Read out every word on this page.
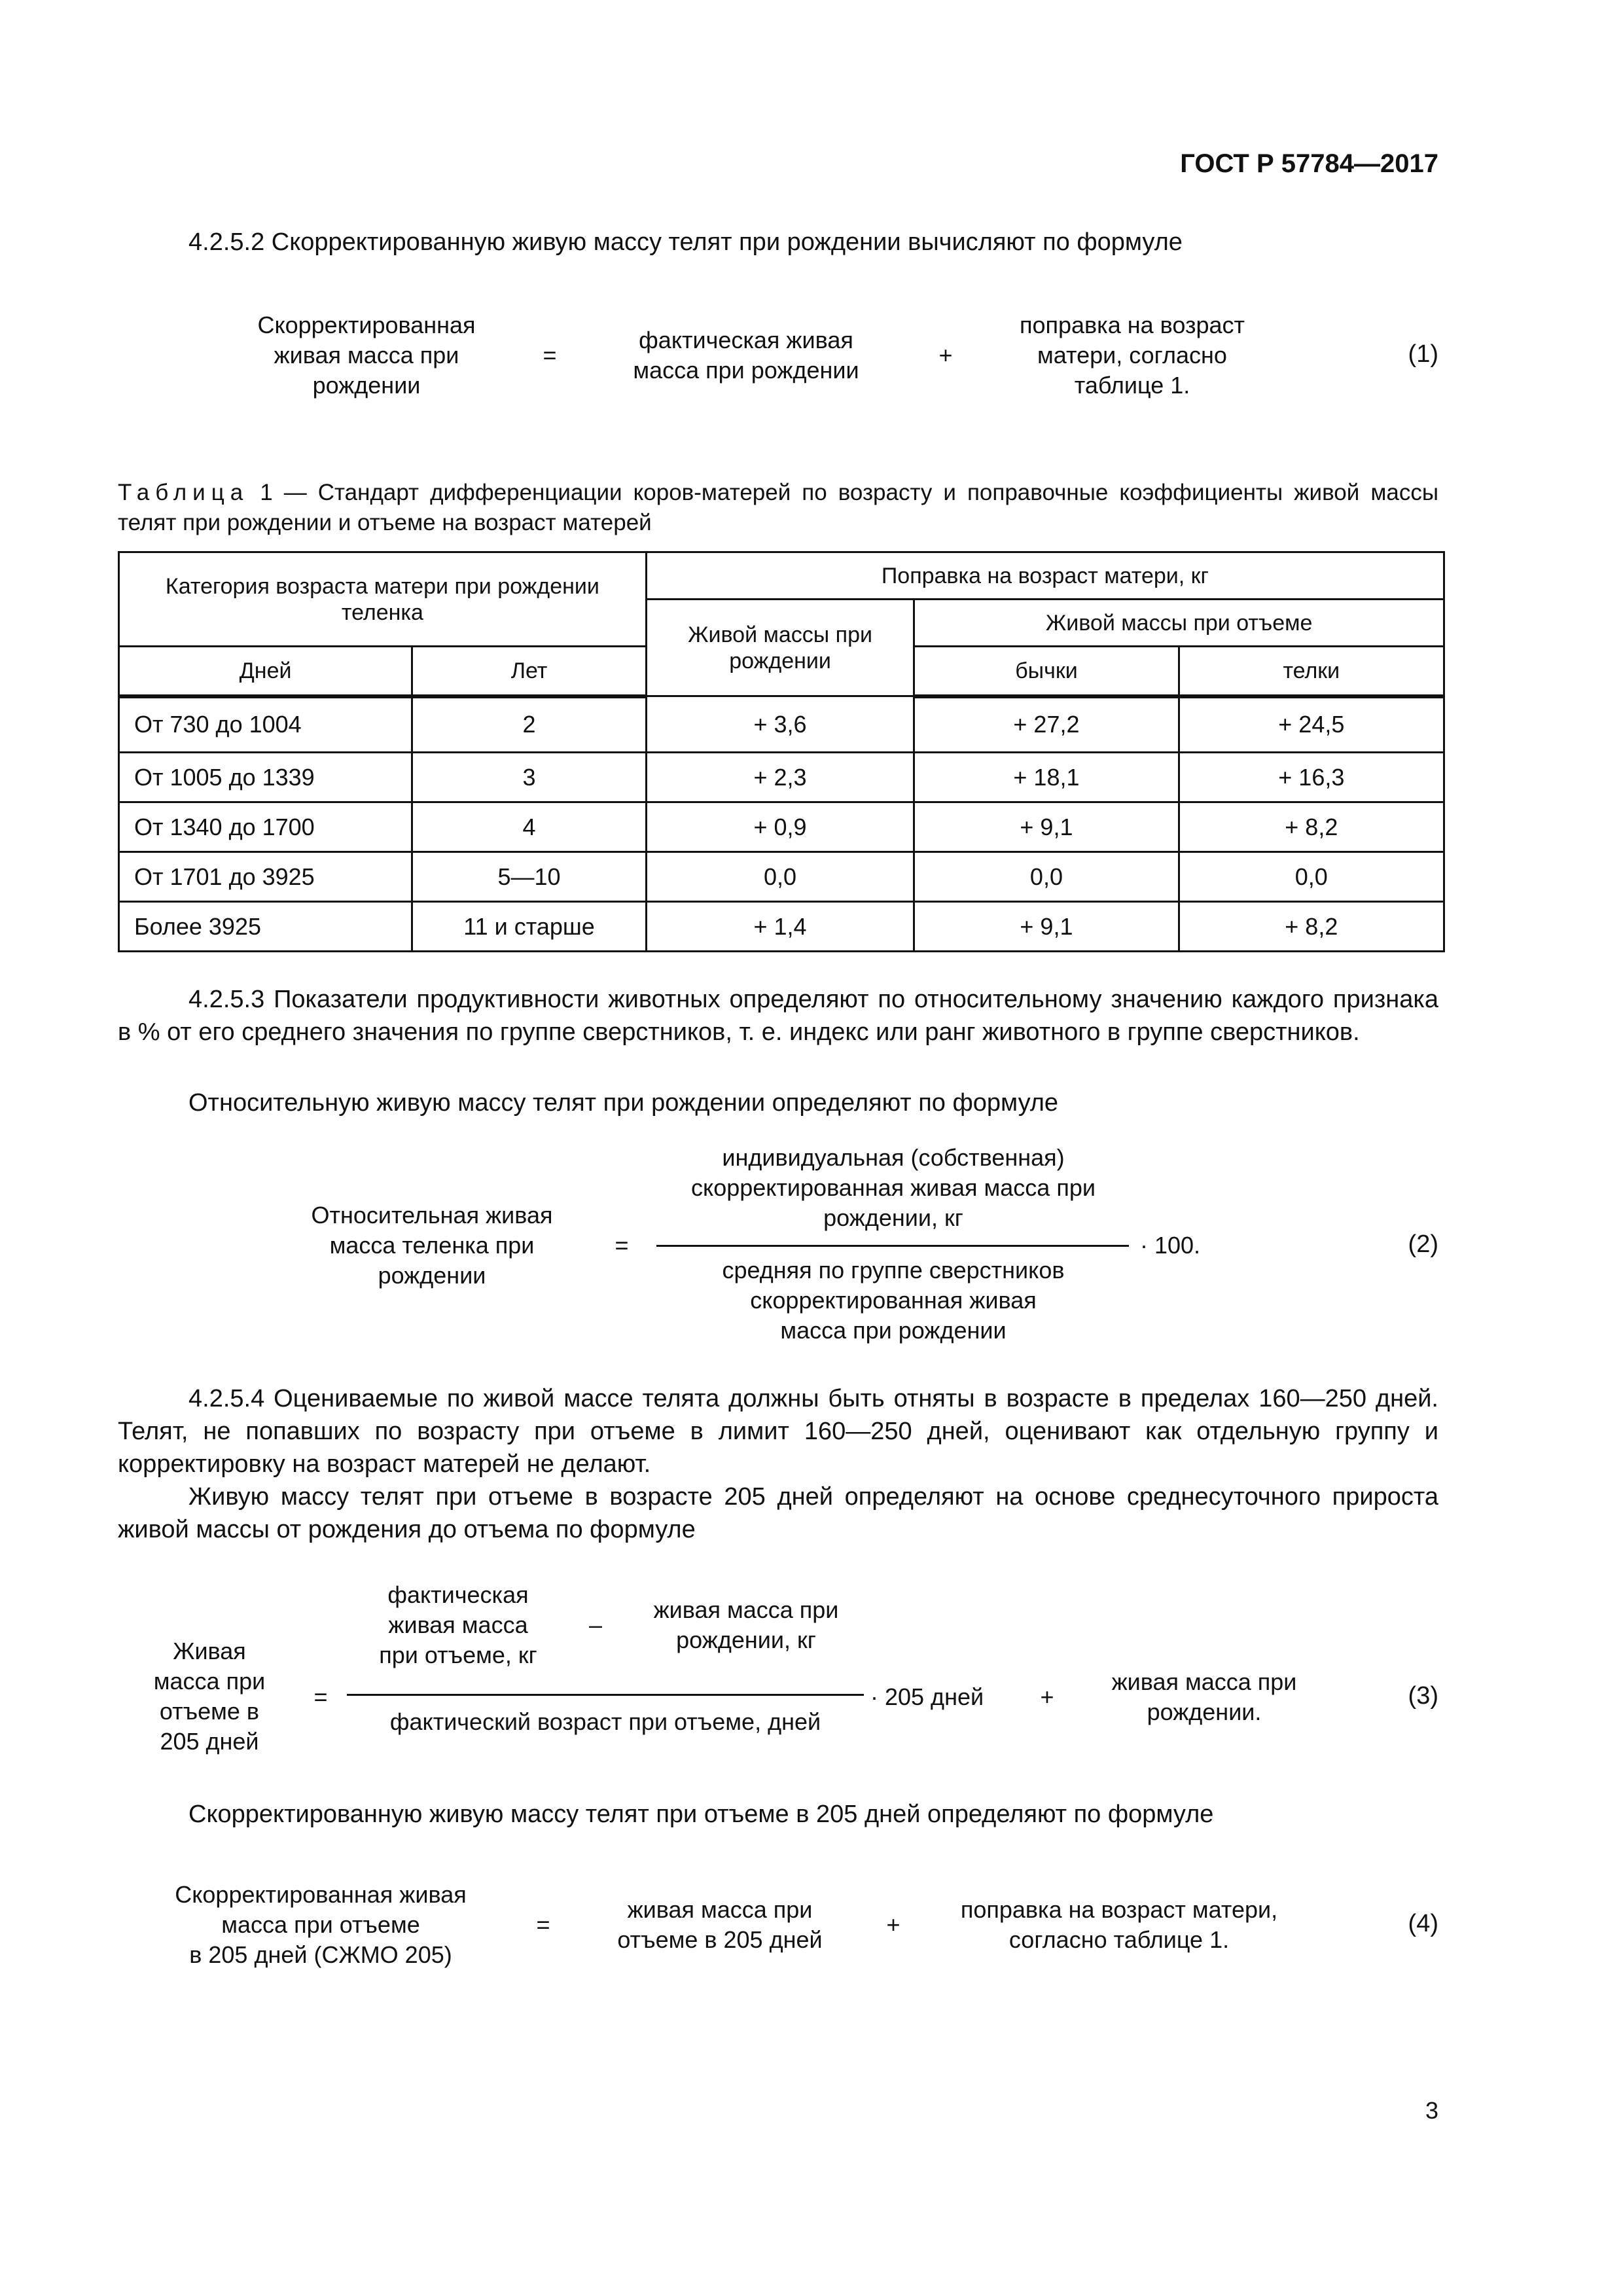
ГОСТ Р 57784—2017
4.2.5.2 Скорректированную живую массу телят при рождении вычисляют по формуле
Скорректированная
живая масса при
рождении
=
фактическая живая
масса при рождении
+
поправка на возраст
матери, согласно
таблице 1.
(1)
Таблица 1 — Стандарт дифференциации коров-матерей по возрасту и поправочные коэффициенты живой массы телят при рождении и отъеме на возраст матерей
Категория возраста матери при рождении теленка		Поправка на возраст матери, кг		
		Живой массы при рождении	Живой массы при отъеме	
Дней	Лет		бычки	телки
От 730 до 1004	2	+ 3,6	+ 27,2	+ 24,5
От 1005 до 1339	3	+ 2,3	+ 18,1	+ 16,3
От 1340 до 1700	4	+ 0,9	+ 9,1	+ 8,2
От 1701 до 3925	5—10	0,0	0,0	0,0
Более 3925	11 и старше	+ 1,4	+ 9,1	+ 8,2
4.2.5.3 Показатели продуктивности животных определяют по относительному значению каждого признака в % от его среднего значения по группе сверстников, т. е. индекс или ранг животного в группе сверстников.
Относительную живую массу телят при рождении определяют по формуле
Относительная живая
масса теленка при
рождении
=
индивидуальная (собственная)
скорректированная живая масса при
рождении, кг
средняя по группе сверстников
скорректированная живая
масса при рождении
· 100.	(2)
4.2.5.4 Оцениваемые по живой массе телята должны быть отняты в возрасте в пределах 160—250 дней. Телят, не попавших по возрасту при отъеме в лимит 160—250 дней, оценивают как отдельную группу и корректировку на возраст матерей не делают.
Живую массу телят при отъеме в возрасте 205 дней определяют на основе среднесуточного прироста живой массы от рождения до отъема по формуле
Живая
масса при
отъеме в
205 дней
=
фактическая
живая масса
при отъеме, кг
–
живая масса при
рождении, кг
фактический возраст при отъеме, дней
· 205 дней	+
живая масса при
рождении.
(3)
Скорректированную живую массу телят при отъеме в 205 дней определяют по формуле
Скорректированная живая
масса при отъеме
в 205 дней (СЖМО 205)
=
живая масса при
отъеме в 205 дней
+
поправка на возраст матери,
согласно таблице 1.
(4)
3
